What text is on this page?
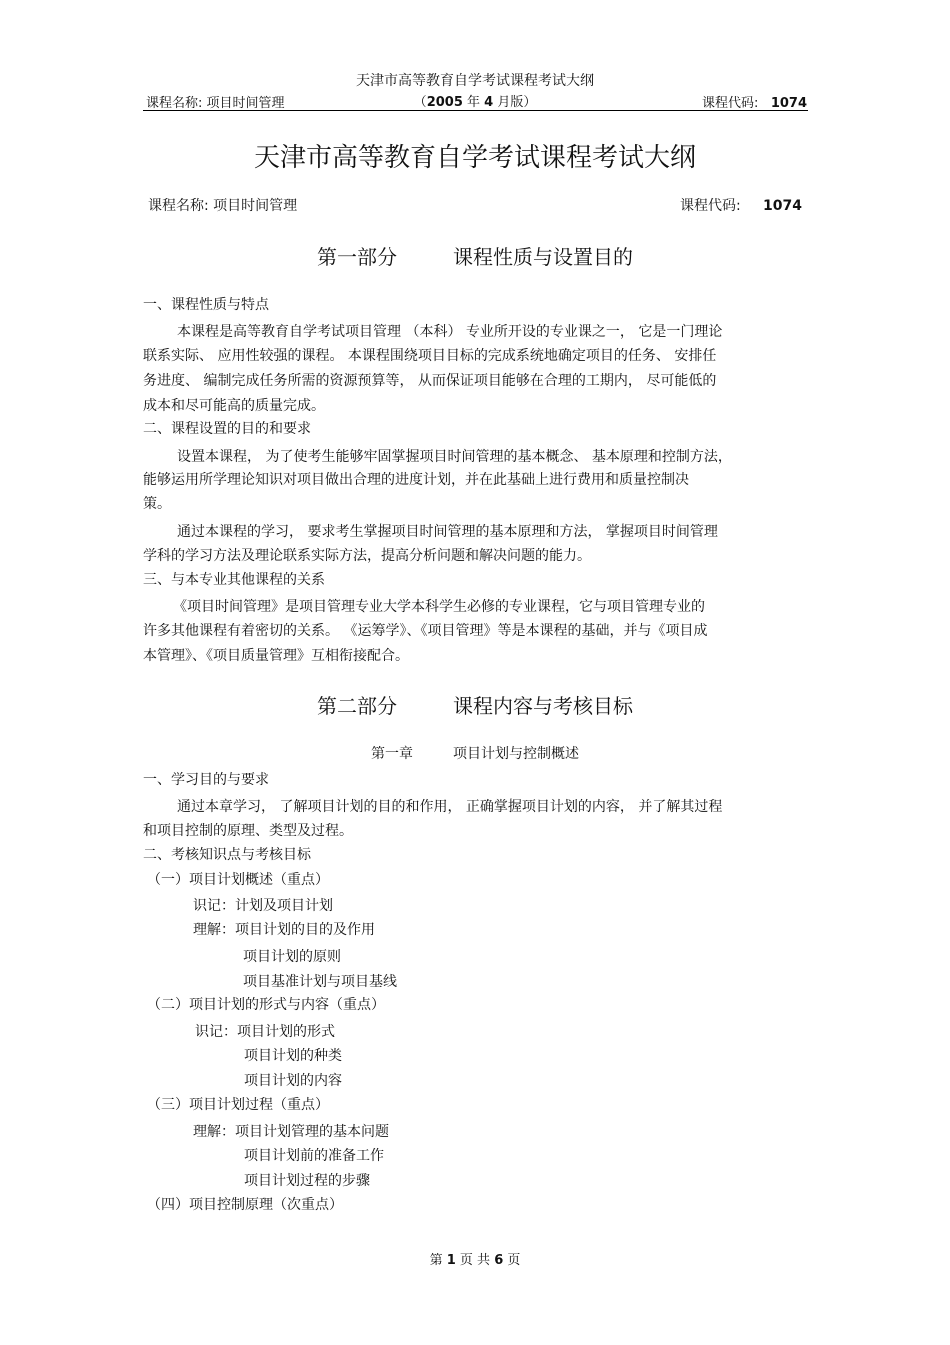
天津市高等教育自学考试课程考试大纲
（2005 年 4 月版）
课程名称: 项目时间管理	课程代码: 1074
天津市高等教育自学考试课程考试大纲
课程名称: 项目时间管理	课程代码: 1074
第一部分	课程性质与设置目的
一、课程性质与特点
本课程是高等教育自学考试项目管理 （本科） 专业所开设的专业课之一， 它是一门理论
联系实际、 应用性较强的课程。 本课程围绕项目目标的完成系统地确定项目的任务、 安排任
务进度、 编制完成任务所需的资源预算等， 从而保证项目能够在合理的工期内， 尽可能低的
成本和尽可能高的质量完成。
二、课程设置的目的和要求
设置本课程， 为了使考生能够牢固掌握项目时间管理的基本概念、 基本原理和控制方法，
能够运用所学理论知识对项目做出合理的进度计划，并在此基础上进行费用和质量控制决
策。
通过本课程的学习， 要求考生掌握项目时间管理的基本原理和方法， 掌握项目时间管理
学科的学习方法及理论联系实际方法，提高分析问题和解决问题的能力。
三、与本专业其他课程的关系
《项目时间管理》是项目管理专业大学本科学生必修的专业课程，它与项目管理专业的
许多其他课程有着密切的关系。 《运筹学》、《项目管理》等是本课程的基础，并与《项目成
本管理》、《项目质量管理》互相衔接配合。
第二部分	课程内容与考核目标
第一章	项目计划与控制概述
一、学习目的与要求
通过本章学习， 了解项目计划的目的和作用， 正确掌握项目计划的内容， 并了解其过程
和项目控制的原理、类型及过程。
二、考核知识点与考核目标
（一）项目计划概述（重点）
识记：计划及项目计划
理解：项目计划的目的及作用
项目计划的原则
项目基准计划与项目基线
（二）项目计划的形式与内容（重点）
识记：项目计划的形式
项目计划的种类
项目计划的内容
（三）项目计划过程（重点）
理解：项目计划管理的基本问题
项目计划前的准备工作
项目计划过程的步骤
（四）项目控制原理（次重点）
第 1 页 共 6 页
